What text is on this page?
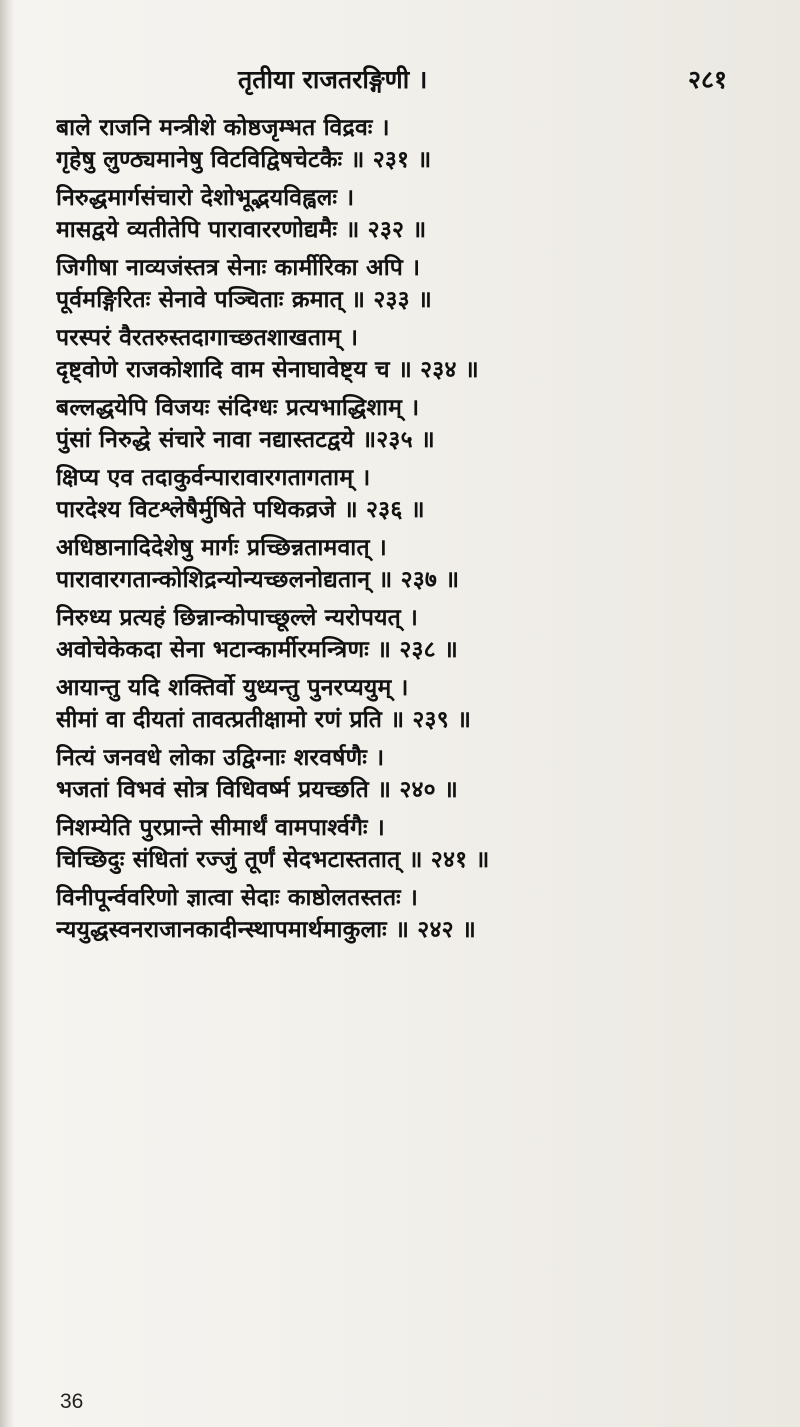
तृतीया राजतरङ्गिणी ।	२८१
बाले राजनि मन्त्रीशे कोष्ठजृम्भत विद्रवः ।
गृहेषु लुण्ठ्यमानेषु विटविद्विषचेटकैः ॥ २३१ ॥
निरुद्धमार्गसंचारो देशोभूद्भयविह्वलः ।
मासद्वये व्यतीतेपि पारावाररणोद्यमैः ॥ २३२ ॥
जिगीषा नाव्यजंस्तत्र सेनाः कार्मीरिका अपि ।
पूर्वमङ्गिरितः सेनावे पञ्चिताः क्रमात् ॥ २३३ ॥
परस्परं वैरतरुस्तदागाच्छतशाखताम् ।
दृष्ट्वोणे राजकोशादि वाम सेनाघावेष्ट्य च ॥ २३४ ॥
बल्लद्धयेपि विजयः संदिग्धः प्रत्यभाद्धिशाम् ।
पुंसां निरुद्धे संचारे नावा नद्यास्तटद्वये ॥२३५ ॥
क्षिप्य एव तदाकुर्वन्पारावारगतागताम् ।
पारदेश्य विटश्लेषैर्मुषिते पथिकव्रजे ॥ २३६ ॥
अधिष्ठानादिदेशेषु मार्गः प्रच्छिन्नतामवात् ।
पारावारगतान्कोशिद्रन्योन्यच्छलनोद्यतान् ॥ २३७ ॥
निरुध्य प्रत्यहं छिन्नान्कोपाच्छूल्ले न्यरोपयत् ।
अवोचेकेकदा सेना भटान्कार्मीरमन्त्रिणः ॥ २३८ ॥
आयान्तु यदि शक्तिर्वो युध्यन्तु पुनरप्ययुम् ।
सीमां वा दीयतां तावत्प्रतीक्षामो रणं प्रति ॥ २३९ ॥
नित्यं जनवधे लोका उद्विग्नाः शरवर्षणैः ।
भजतां विभवं सोत्र विधिवर्ष्म प्रयच्छति ॥ २४० ॥
निशम्येति पुरप्रान्ते सीमार्थं वामपार्श्वगैः ।
चिच्छिदुः संधितां रज्जुं तूर्णं सेदभटास्ततात् ॥ २४१ ॥
विनीपूर्न्ववरिणो ज्ञात्वा सेदाः काष्ठोलतस्ततः ।
न्ययुद्धस्वनराजानकादीन्स्थापमार्थमाकुलाः ॥ २४२ ॥
36
